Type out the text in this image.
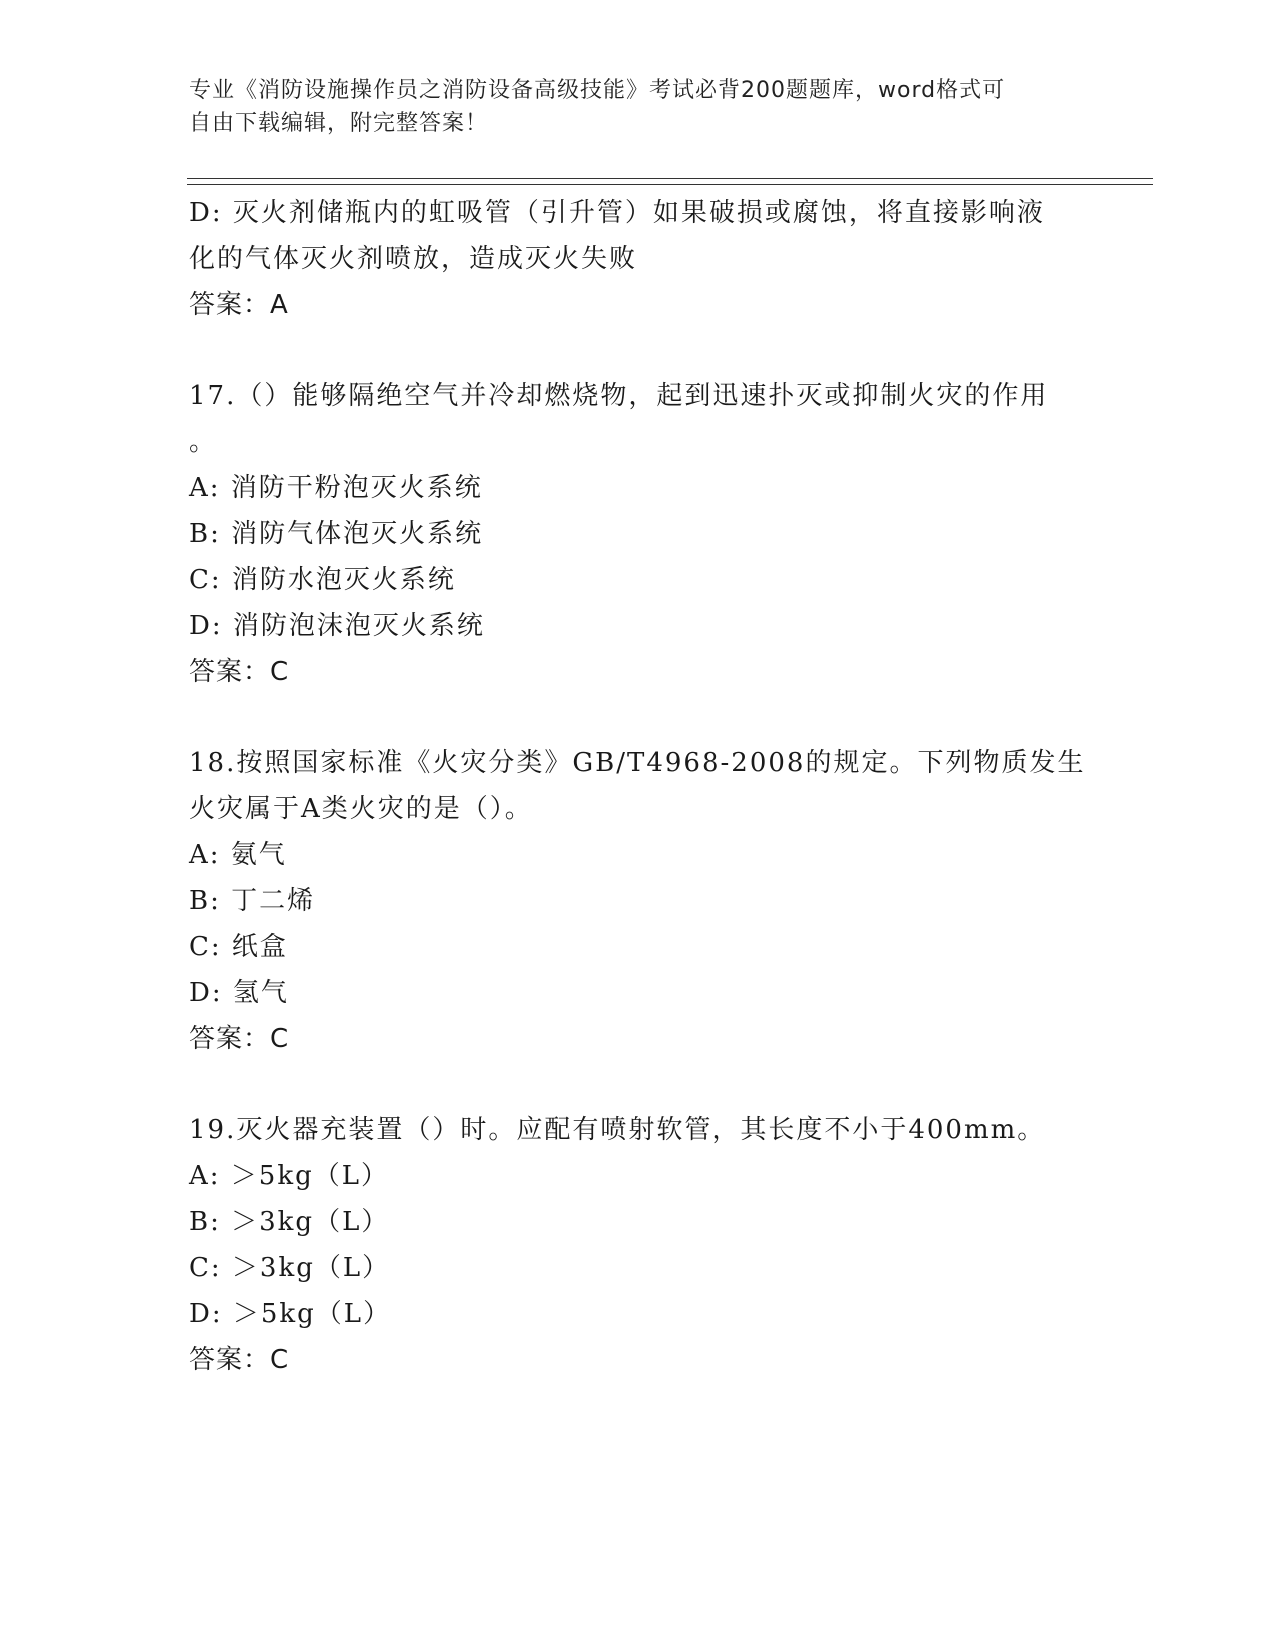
专业《消防设施操作员之消防设备高级技能》考试必背200题题库，word格式可
自由下载编辑，附完整答案！
D: 灭火剂储瓶内的虹吸管（引升管）如果破损或腐蚀，将直接影响液
化的气体灭火剂喷放，造成灭火失败
答案：A
17.（）能够隔绝空气并冷却燃烧物，起到迅速扑灭或抑制火灾的作用
。
A: 消防干粉泡灭火系统
B: 消防气体泡灭火系统
C: 消防水泡灭火系统
D: 消防泡沫泡灭火系统
答案：C
18.按照国家标准《火灾分类》GB/T4968-2008的规定。下列物质发生
火灾属于A类火灾的是（）。
A: 氨气
B: 丁二烯
C: 纸盒
D: 氢气
答案：C
19.灭火器充装置（）时。应配有喷射软管，其长度不小于400mm。
A: ＞5kg（L）
B: ＞3kg（L）
C: ＞3kg（L）
D: ＞5kg（L）
答案：C
